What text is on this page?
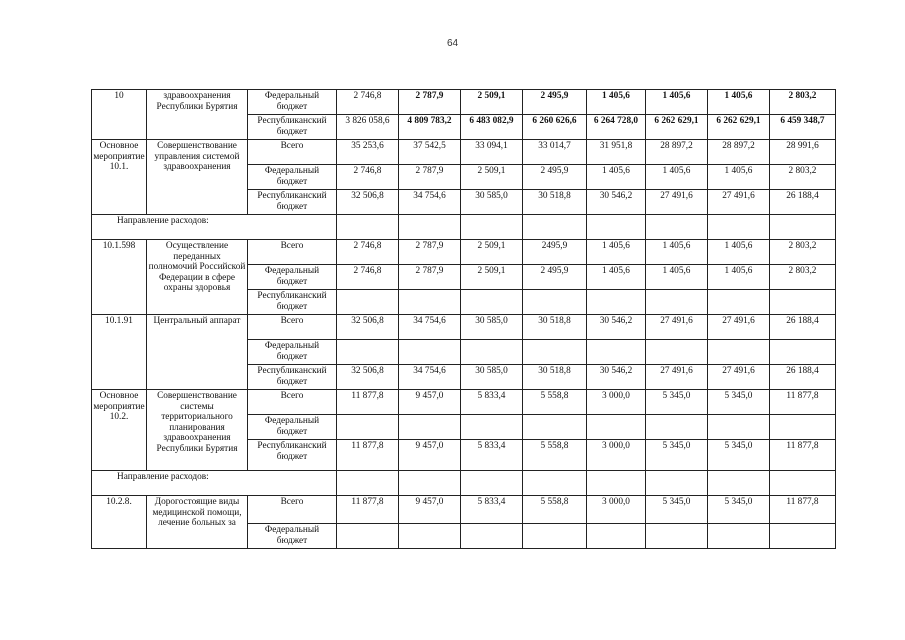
64
10	здравоохранения Республики Бурятия	Федеральный бюджет	2 746,8	2 787,9	2 509,1	2 495,9	1 405,6	1 405,6	1 405,6	2 803,2
		Республиканский бюджет	3 826 058,6	4 809 783,2	6 483 082,9	6 260 626,6	6 264 728,0	6 262 629,1	6 262 629,1	6 459 348,7
Основное мероприятие 10.1.	Совершенствование управления системой здравоохранения	Всего	35 253,6	37 542,5	33 094,1	33 014,7	31 951,8	28 897,2	28 897,2	28 991,6
		Федеральный бюджет	2 746,8	2 787,9	2 509,1	2 495,9	1 405,6	1 405,6	1 405,6	2 803,2
		Республиканский бюджет	32 506,8	34 754,6	30 585,0	30 518,8	30 546,2	27 491,6	27 491,6	26 188,4

Направление расходов:										

10.1.598	Осуществление переданных полномочий Российской Федерации в сфере охраны здоровья	Всего	2 746,8	2 787,9	2 509,1	2495,9	1 405,6	1 405,6	1 405,6	2 803,2
		Федеральный бюджет	2 746,8	2 787,9	2 509,1	2 495,9	1 405,6	1 405,6	1 405,6	2 803,2
		Республиканский бюджет								
10.1.91	Центральный аппарат	Всего	32 506,8	34 754,6	30 585,0	30 518,8	30 546,2	27 491,6	27 491,6	26 188,4
		Федеральный бюджет								
		Республиканский бюджет	32 506,8	34 754,6	30 585,0	30 518,8	30 546,2	27 491,6	27 491,6	26 188,4
Основное мероприятие 10.2.	Совершенствование системы территориального планирования здравоохранения Республики Бурятия	Всего	11 877,8	9 457,0	5 833,4	5 558,8	3 000,0	5 345,0	5 345,0	11 877,8
		Федеральный бюджет								
		Республиканский бюджет	11 877,8	9 457,0	5 833,4	5 558,8	3 000,0	5 345,0	5 345,0	11 877,8

Направление расходов:										

10.2.8.	Дорогостоящие виды медицинской помощи, лечение больных за	Всего	11 877,8	9 457,0	5 833,4	5 558,8	3 000,0	5 345,0	5 345,0	11 877,8
		Федеральный бюджет								
